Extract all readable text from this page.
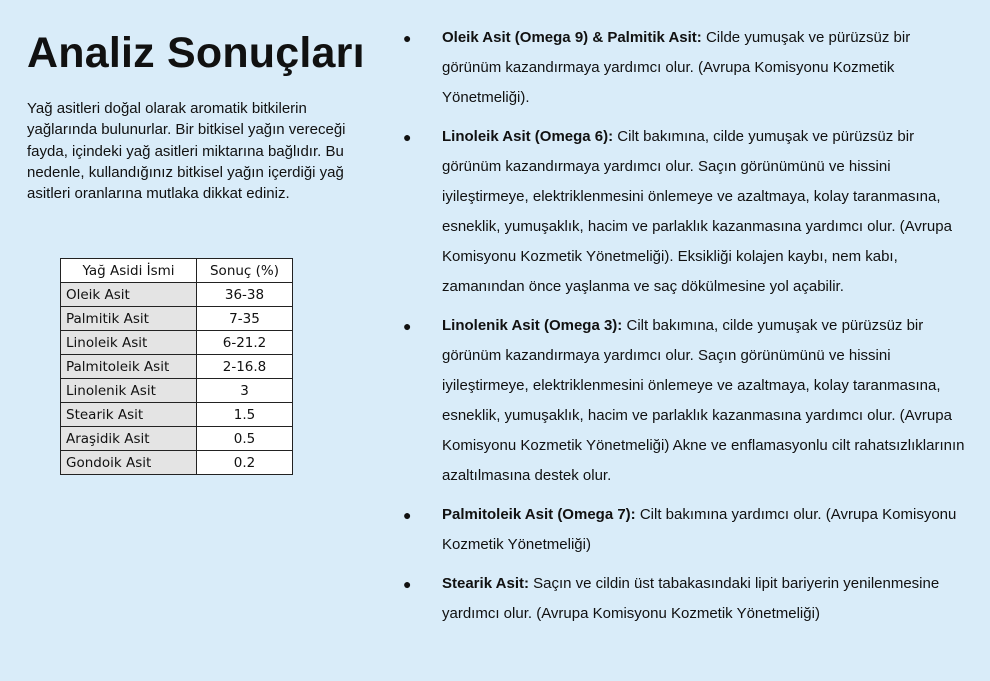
Analiz Sonuçları

Yağ asitleri doğal olarak aromatik bitkilerin yağlarında bulunurlar. Bir bitkisel yağın vereceği fayda, içindeki yağ asitleri miktarına bağlıdır. Bu nedenle, kullandığınız bitkisel yağın içerdiği yağ asitleri oranlarına mutlaka dikkat ediniz.

Yağ Asidi İsmi	Sonuç (%)
Oleik Asit	36-38
Palmitik Asit	7-35
Linoleik Asit	6-21.2
Palmitoleik Asit	2-16.8
Linolenik Asit	3
Stearik Asit	1.5
Araşidik Asit	0.5
Gondoik Asit	0.2
● Oleik Asit (Omega 9) & Palmitik Asit: Cilde yumuşak ve pürüzsüz bir görünüm kazandırmaya yardımcı olur. (Avrupa Komisyonu Kozmetik Yönetmeliği).
● Linoleik Asit (Omega 6): Cilt bakımına, cilde yumuşak ve pürüzsüz bir görünüm kazandırmaya yardımcı olur. Saçın görünümünü ve hissini iyileştirmeye, elektriklenmesini önlemeye ve azaltmaya, kolay taranmasına, esneklik, yumuşaklık, hacim ve parlaklık kazanmasına yardımcı olur. (Avrupa Komisyonu Kozmetik Yönetmeliği). Eksikliği kolajen kaybı, nem kabı, zamanından önce yaşlanma ve saç dökülmesine yol açabilir.
● Linolenik Asit (Omega 3): Cilt bakımına, cilde yumuşak ve pürüzsüz bir görünüm kazandırmaya yardımcı olur. Saçın görünümünü ve hissini iyileştirmeye, elektriklenmesini önlemeye ve azaltmaya, kolay taranmasına, esneklik, yumuşaklık, hacim ve parlaklık kazanmasına yardımcı olur. (Avrupa Komisyonu Kozmetik Yönetmeliği) Akne ve enflamasyonlu cilt rahatsızlıklarının azaltılmasına destek olur.
● Palmitoleik Asit (Omega 7): Cilt bakımına yardımcı olur. (Avrupa Komisyonu Kozmetik Yönetmeliği)
● Stearik Asit: Saçın ve cildin üst tabakasındaki lipit bariyerin yenilenmesine yardımcı olur. (Avrupa Komisyonu Kozmetik Yönetmeliği)
